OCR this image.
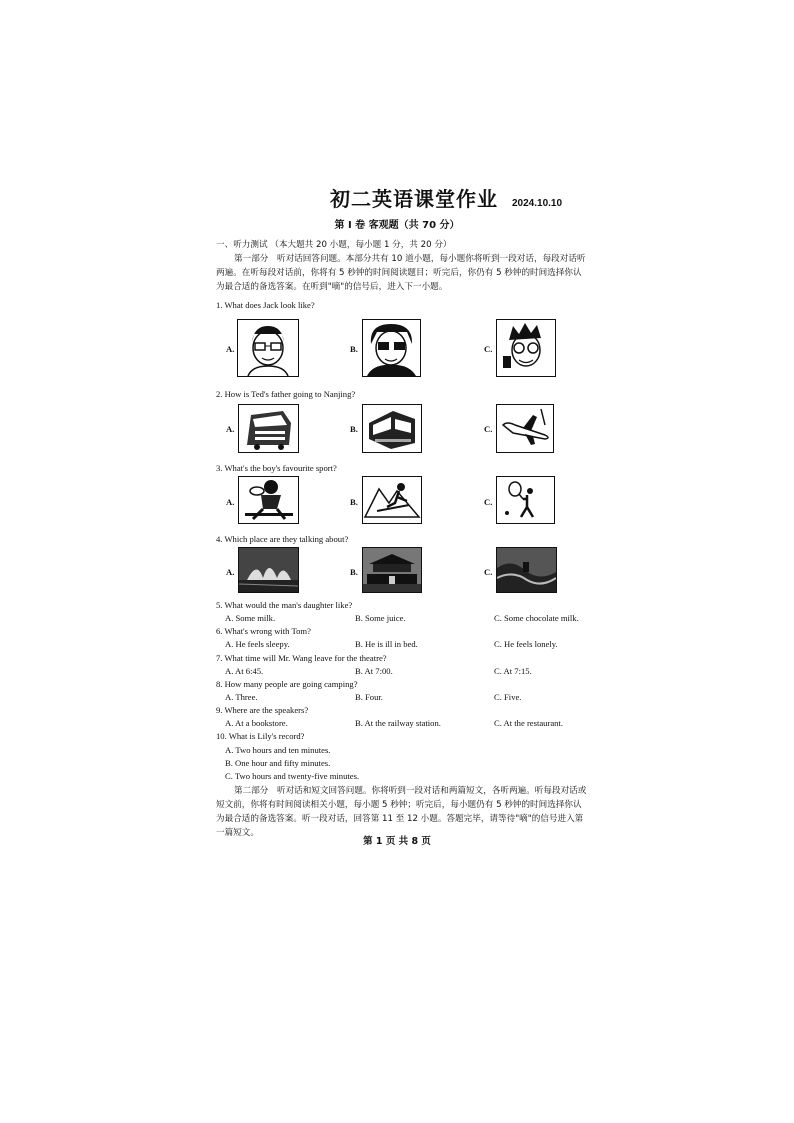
初二英语课堂作业 2024.10.10
第 I 卷 客观题（共 70 分）
一、听力测试 （本大题共 20 小题，每小题 1 分，共 20 分）
第一部分　听对话回答问题。本部分共有 10 道小题，每小题你将听到一段对话，每段对话听两遍。在听每段对话前，你将有 5 秒钟的时间阅读题目；听完后，你仍有 5 秒钟的时间选择你认为最合适的备选答案。在听到"嘀"的信号后，进入下一小题。
1. What does Jack look like?
A.	B.	C.
2. How is Ted's father going to Nanjing?
A.	B.	C.
3. What's the boy's favourite sport?
A.	B.	C.
4. Which place are they talking about?
A.	B.	C.
5. What would the man's daughter like?
A. Some milk.	B. Some juice.	C. Some chocolate milk.
6. What's wrong with Tom?
A. He feels sleepy.	B. He is ill in bed.	C. He feels lonely.
7. What time will Mr. Wang leave for the theatre?
A. At 6:45.	B. At 7:00.	C. At 7:15.
8. How many people are going camping?
A. Three.	B. Four.	C. Five.
9. Where are the speakers?
A. At a bookstore.	B. At the railway station.	C. At the restaurant.
10. What is Lily's record?
A. Two hours and ten minutes.
B. One hour and fifty minutes.
C. Two hours and twenty-five minutes.
第二部分　听对话和短文回答问题。你将听到一段对话和两篇短文，各听两遍。听每段对话或短文前，你将有时间阅读相关小题，每小题 5 秒钟；听完后，每小题仍有 5 秒钟的时间选择你认为最合适的备选答案。听一段对话，回答第 11 至 12 小题。答题完毕，请等待"嘀"的信号进入第一篇短文。
第 1 页 共 8 页
